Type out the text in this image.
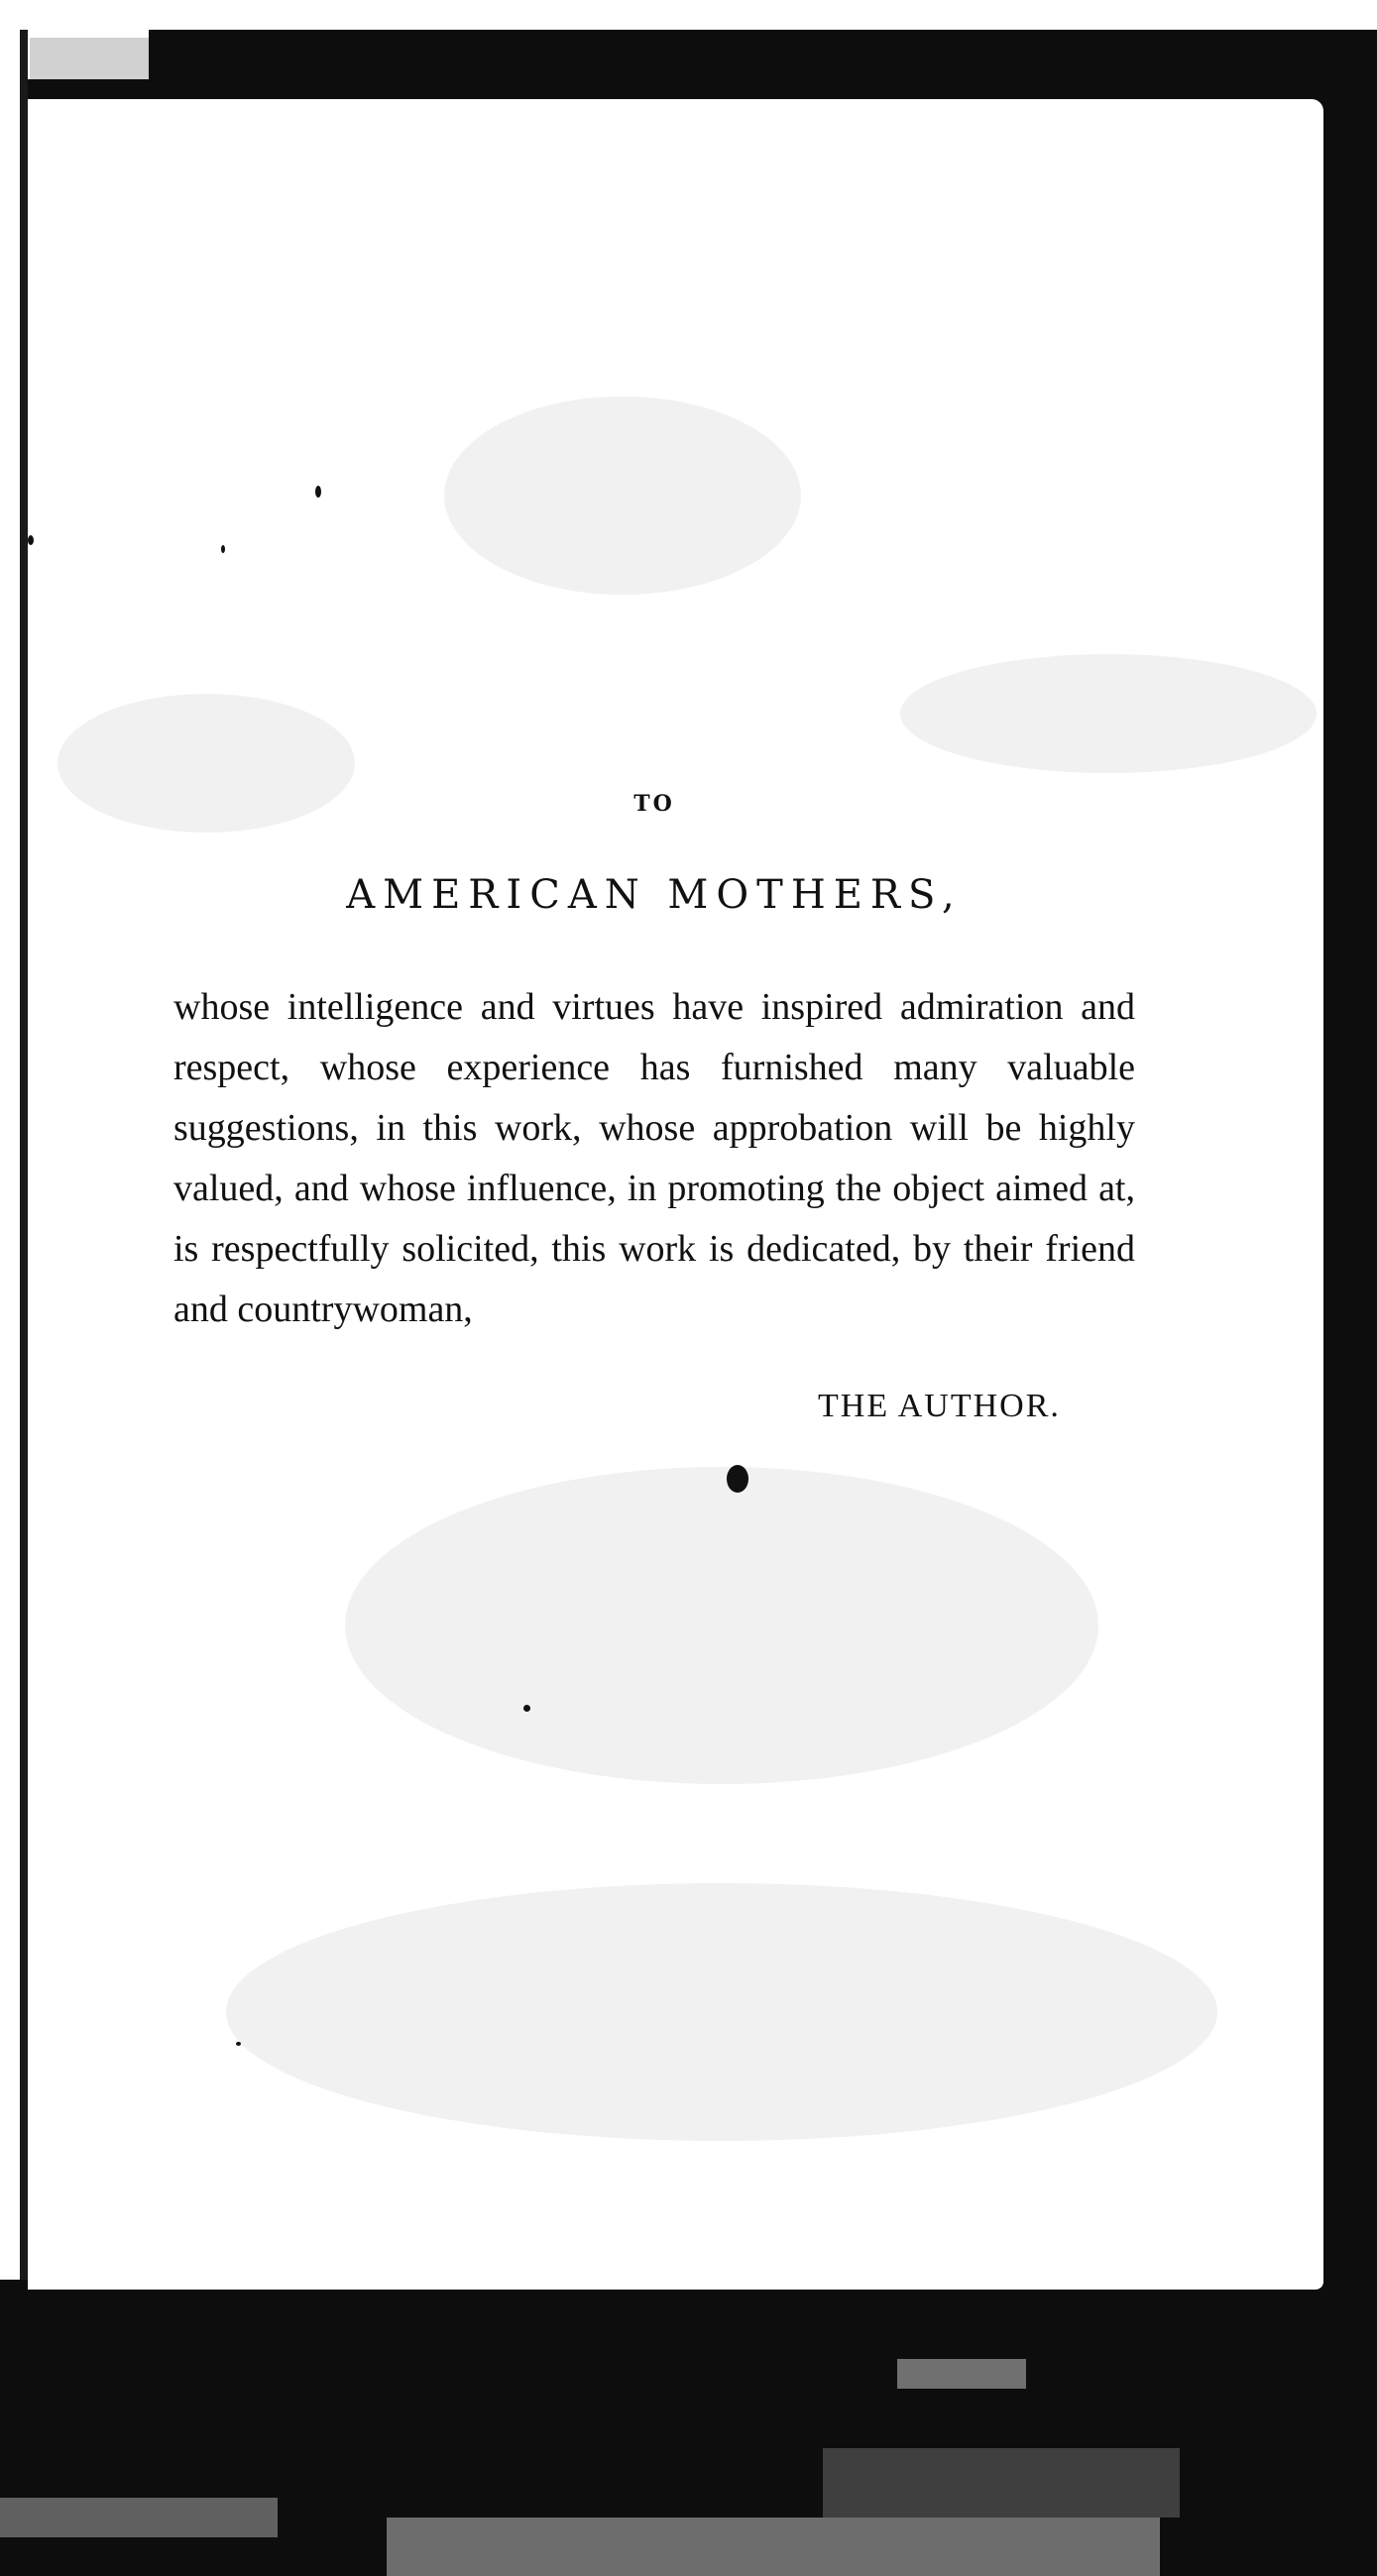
TO
AMERICAN MOTHERS,
whose intelligence and virtues have inspired admiration and respect, whose experience has furnished many valuable suggestions, in this work, whose approbation will be highly valued, and whose influence, in promoting the object aimed at, is respectfully solicited, this work is dedicated, by their friend and countrywoman,
THE AUTHOR.
